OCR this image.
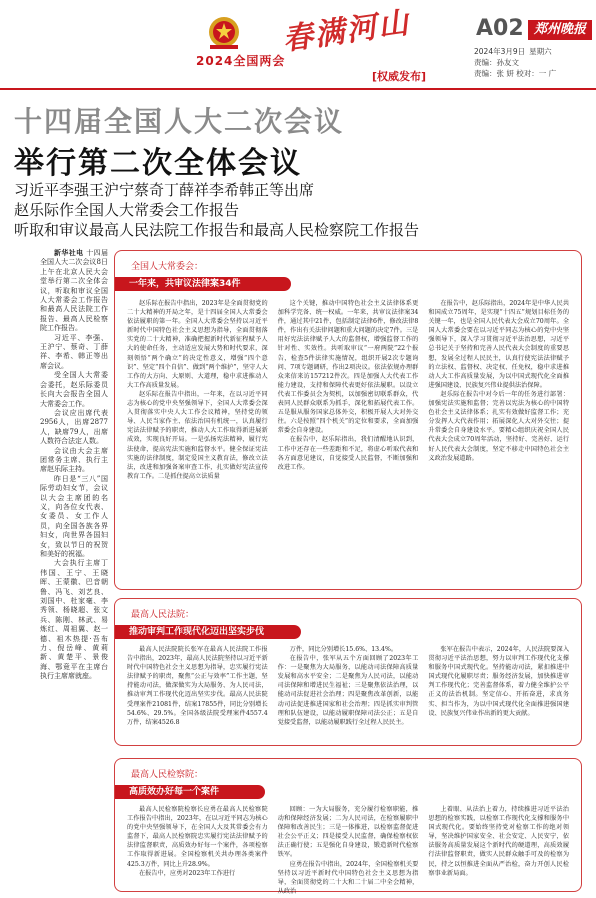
2024全国两会
春满河山
[权威发布]
A02 郑州晚报
2024年3月9日 星期六
责编：孙友文
责编：张 妍 校对：一 广
十四届全国人大二次会议
举行第二次全体会议
习近平李强王沪宁蔡奇丁薛祥李希韩正等出席
赵乐际作全国人大常委会工作报告
听取和审议最高人民法院工作报告和最高人民检察院工作报告

新华社电 十四届全国人大二次会议8日上午在北京人民大会堂举行第二次全体会议，听取和审议全国人大常委会工作报告和最高人民法院工作报告、最高人民检察院工作报告。

习近平、李强、王沪宁、蔡奇、丁薛祥、李希、韩正等出席会议。

受全国人大常委会委托，赵乐际委员长向大会报告全国人大常委会工作。

会议应出席代表2956人，出席2877人，缺席79人，出席人数符合法定人数。

会议由大会主席团常务主席、执行主席赵乐际主持。

昨日是“三八”国际劳动妇女节，会议以大会主席团的名义，向各位女代表、女委员、女工作人员，向全国各族各界妇女，向世界各国妇女，致以节日的祝贺和美好的祝福。

大会执行主席丁伟国、王宁、王晓晖、王蒙徽、巴音朝鲁、冯飞、刘艺良、刘国中、杜家毫、李秀领、杨晓超、张文兵、陈刚、林武、易炼红、周祖翼、赵一德、祖木热提·吾布力、倪岳峰、黄莉新、黄楚平、景俊海、鄂竟平在主席台执行主席席就座。

全国人大常委会：
一年来，共审议法律案34件

赵乐际在报告中指出，2023年是全面贯彻党的二十大精神的开局之年，是十四届全国人大常委会依法履职的第一年。全国人大常委会坚持以习近平新时代中国特色社会主义思想为指导，全面贯彻落实党的二十大精神，准确把握新时代新征程赋予人大的使命任务，主动适应发展大势和时代要求，深刻领悟“两个确立”的决定性意义，增强“四个意识”、坚定“四个自信”、做到“两个维护”，坚守人大工作的大方向、大原则、大道理，稳中求进推动人大工作高质量发展。

赵乐际在报告中指出，一年来，在以习近平同志为核心的党中央坚强领导下，全国人大常委会深入贯彻落实中央人大工作会议精神，坚持党的领导、人民当家作主、依法治国有机统一，认真履行宪法法律赋予的职责，推动人大工作取得新进展新成效，实现良好开局。一是弘扬宪法精神，履行宪法使命，提高宪法实施和监督水平。健全保证宪法实施的法律制度，制定爱国主义教育法，修改立法法，改进和加强备案审查工作，扎实做好宪法宣传教育工作。二是抓住提高立法质量

这个关键，推动中国特色社会主义法律体系更加科学完备、统一权威。一年来，共审议法律案34件，通过其中21件，包括制定法律6件，修改法律8件，作出有关法律问题和重大问题的决定7件。三是用好宪法法律赋予人大的监督权，增强监督工作的针对性、实效性。共听取审议“一府两院”22个报告，检查5件法律实施情况，组织开展2次专题询问、7项专题调研，作出2项决议。依法依规办理群众来信来访157212件次。四是加强人大代表工作能力建设，支持和保障代表更好依法履职。以设立代表工作委员会为契机，以加强密切联系群众，代表同人民群众联系为抓手，深化和拓展代表工作。五是服从服务国家总体外交，积极开展人大对外交往。六是按照“四个机关”的定位和要求，全面加强常委会自身建设。

在报告中，赵乐际指出，我们清醒地认识到，工作中还存在一些差距和不足，将虚心听取代表和各方面意见建议，自觉接受人民监督，不断加强和改进工作。

在报告中，赵乐际指出，2024年是中华人民共和国成立75周年，是实现“十四五”规划目标任务的关键一年，也是全国人民代表大会成立70周年。全国人大常委会要在以习近平同志为核心的党中央坚强领导下，深入学习贯彻习近平法治思想，习近平总书记关于坚持和完善人民代表大会制度的重要思想，发展全过程人民民主，认真行使宪法法律赋予的立法权、监督权、决定权、任免权，稳中求进推动人大工作高质量发展，为以中国式现代化全面推进强国建设、民族复兴伟业提供法治保障。

赵乐际在报告中对今后一年的任务进行部署：加强宪法实施和监督；完善以宪法为核心的中国特色社会主义法律体系；扎实有效做好监督工作；充分发挥人大代表作用；拓展深化人大对外交往；提升常委会自身建设水平。要精心组织庆祝全国人民代表大会成立70周年活动，坚持好、完善好、运行好人民代表大会制度，坚定不移走中国特色社会主义政治发展道路。

最高人民法院：
推动审判工作现代化迈出坚实步伐

最高人民法院院长张军在最高人民法院工作报告中指出，2023年，最高人民法院坚持以习近平新时代中国特色社会主义思想为指导，忠实履行宪法法律赋予的职责，聚焦“公正与效率”工作主题，坚持能动司法，做深做实为大局服务、为人民司法，推动审判工作现代化迈出坚实步伐。最高人民法院受理案件21081件，结案17855件，同比分别增长54.6%、29.5%。全国各级法院受理案件4557.4万件，结案4526.8

万件，同比分别增长15.6%、13.4%。

在报告中，张军从五个方面回顾了2023年工作：一是聚焦为大局服务，以能动司法保障高质量发展和高水平安全；二是聚焦为人民司法，以能动司法保障和增进民生福祉；三是聚焦依法治理，以能动司法促进社会治理；四是聚焦改革创新，以能动司法促进推进国家和社会治理；四是抓实审判管理和队伍建设，以能动履职保障司法公正；五是自觉接受监督，以能动履职践行全过程人民民主。

张军在报告中表示，2024年，人民法院要深入贯彻习近平法治思想，努力以审判工作现代化支撑和服务中国式现代化。坚持能动司法，紧扣推进中国式现代化履职尽责；服务经济发展，加快推进审判工作现代化；完善监督体系，着力健全维护公平正义的法治机制。坚定信心、开拓奋进，求真务实、担当作为，为以中国式现代化全面推进强国建设、民族复兴伟业作出新的更大贡献。

最高人民检察院：
高质效办好每一个案件

最高人民检察院检察长应勇在最高人民检察院工作报告中指出，2023年，在以习近平同志为核心的党中央坚强领导下，在全国人大及其常委会有力监督下，最高人民检察院忠实履行宪法法律赋予的法律监督职责，高质效办好每一个案件，各项检察工作取得新进展。全国检察机关共办理各类案件425.3万件，同比上升28.9%。

在报告中，应勇对2023年工作进行

回顾：一为大局服务，充分履行检察职能，推动和保障经济发展；二为人民司法，在检察履职中保障和改善民生；三是一体推进，以检察监督促进社会公平正义；四是接受人民监督，确保检察权依法正确行使；五是强化自身建设，锻造新时代检察铁军。

应勇在报告中指出，2024年，全国检察机关要坚持以习近平新时代中国特色社会主义思想为指导，全面贯彻党的二十大和二十届二中全会精神，从政治

上着眼、从法治上着力，持续推进习近平法治思想的检察实践，以检察工作现代化支撑和服务中国式现代化。要始终坚持党对检察工作的绝对领导，坚决维护国家安全、社会安定、人民安宁，依法服务高质量发展这个新时代的硬道理，高质效履行法律监督职责，做实人民群众触手可及的检察为民，持之以恒推进全面从严治检，奋力开创人民检察事业新局面。
